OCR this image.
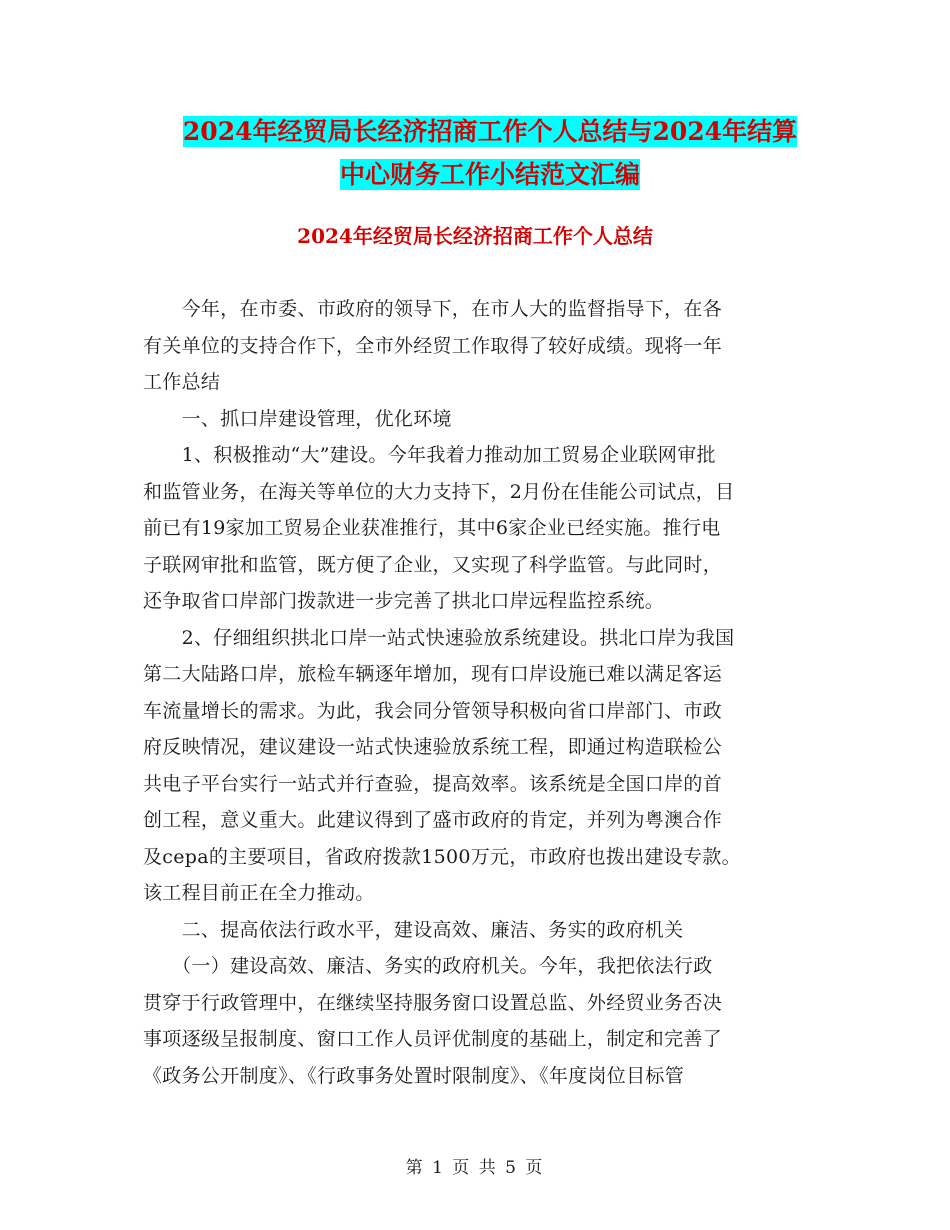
2024年经贸局长经济招商工作个人总结与2024年结算
中心财务工作小结范文汇编
2024年经贸局长经济招商工作个人总结
　　今年，在市委、市政府的领导下，在市人大的监督指导下，在各
有关单位的支持合作下，全市外经贸工作取得了较好成绩。现将一年
工作总结
　　一、抓口岸建设管理，优化环境
　　1、积极推动“大”建设。今年我着力推动加工贸易企业联网审批
和监管业务，在海关等单位的大力支持下，2月份在佳能公司试点，目
前已有19家加工贸易企业获准推行，其中6家企业已经实施。推行电
子联网审批和监管，既方便了企业，又实现了科学监管。与此同时，
还争取省口岸部门拨款进一步完善了拱北口岸远程监控系统。
　　2、仔细组织拱北口岸一站式快速验放系统建设。拱北口岸为我国
第二大陆路口岸，旅检车辆逐年增加，现有口岸设施已难以满足客运
车流量增长的需求。为此，我会同分管领导积极向省口岸部门、市政
府反映情况，建议建设一站式快速验放系统工程，即通过构造联检公
共电子平台实行一站式并行查验，提高效率。该系统是全国口岸的首
创工程，意义重大。此建议得到了盛市政府的肯定，并列为粤澳合作
及cepa的主要项目，省政府拨款1500万元，市政府也拨出建设专款。
该工程目前正在全力推动。
　　二、提高依法行政水平，建设高效、廉洁、务实的政府机关
　　（一）建设高效、廉洁、务实的政府机关。今年，我把依法行政
贯穿于行政管理中，在继续坚持服务窗口设置总监、外经贸业务否决
事项逐级呈报制度、窗口工作人员评优制度的基础上，制定和完善了
《政务公开制度》、《行政事务处置时限制度》、《年度岗位目标管
第 1 页 共 5 页
